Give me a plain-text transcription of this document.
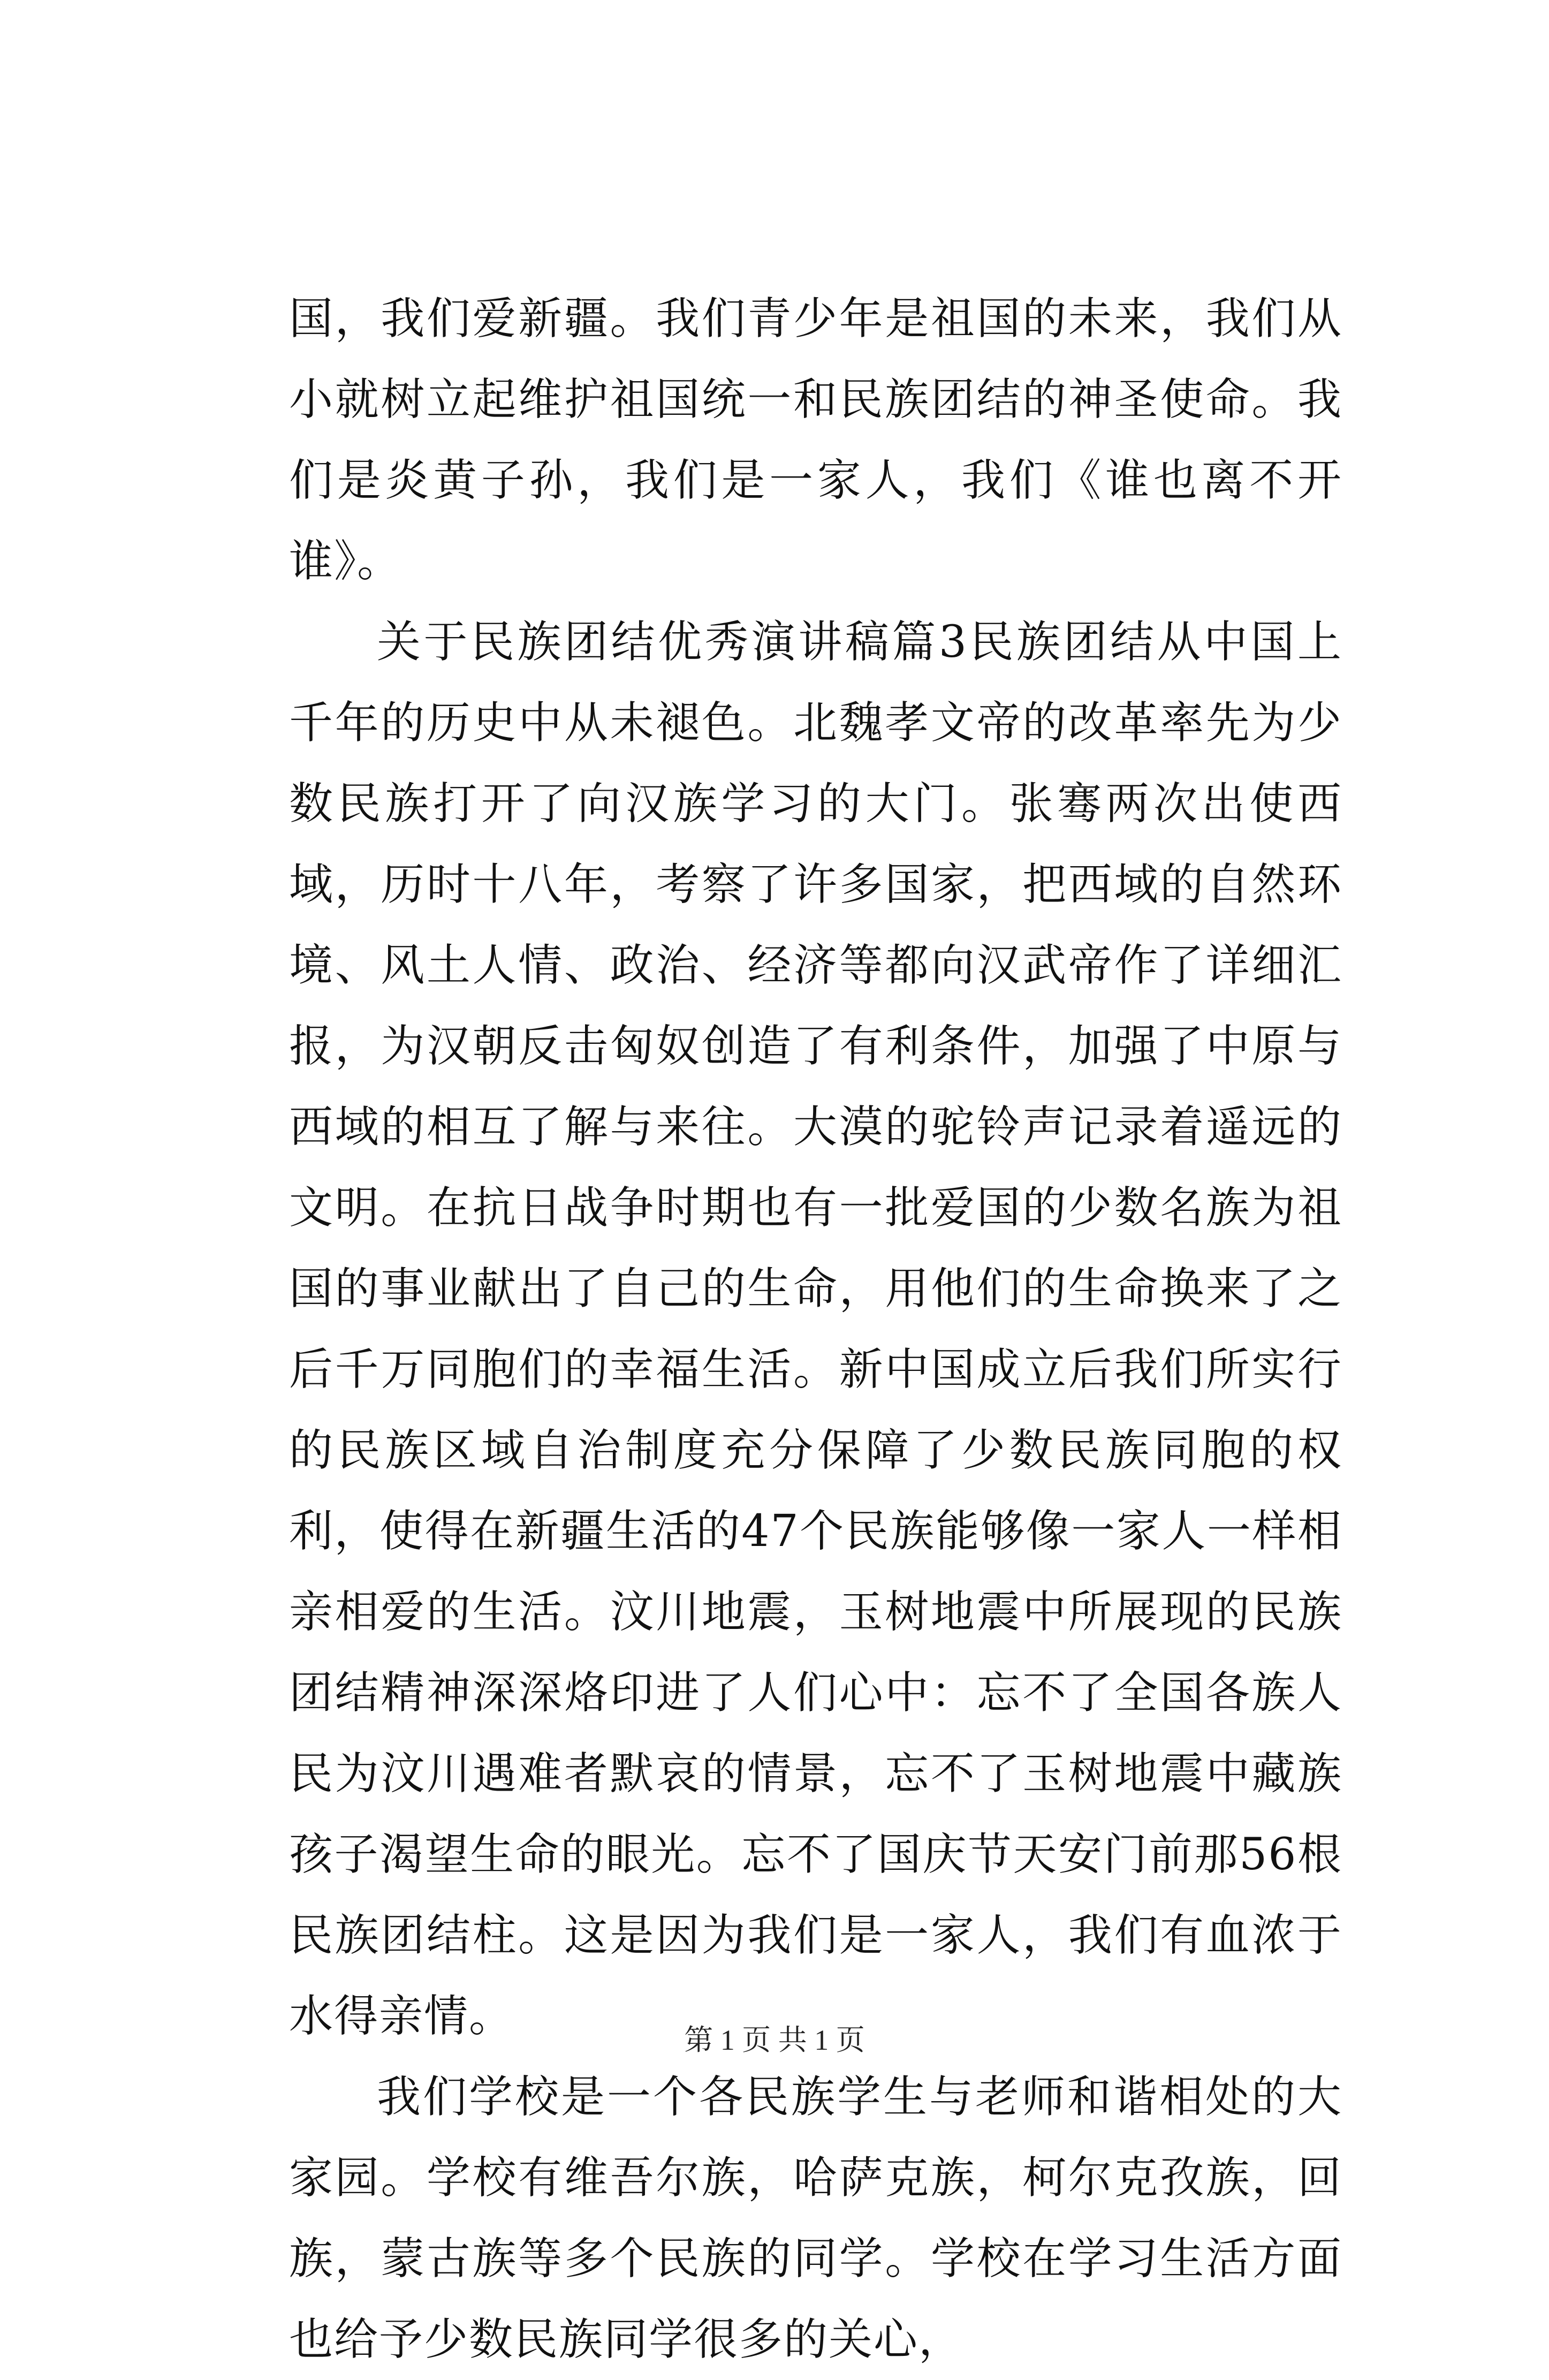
国，我们爱新疆。我们青少年是祖国的未来，我们从小就树立起维护祖国统一和民族团结的神圣使命。我们是炎黄子孙，我们是一家人，我们《谁也离不开谁》。

关于民族团结优秀演讲稿篇3民族团结从中国上千年的历史中从未褪色。北魏孝文帝的改革率先为少数民族打开了向汉族学习的大门。张骞两次出使西域，历时十八年，考察了许多国家，把西域的自然环境、风土人情、政治、经济等都向汉武帝作了详细汇报，为汉朝反击匈奴创造了有利条件，加强了中原与西域的相互了解与来往。大漠的驼铃声记录着遥远的文明。在抗日战争时期也有一批爱国的少数名族为祖国的事业献出了自己的生命，用他们的生命换来了之后千万同胞们的幸福生活。新中国成立后我们所实行的民族区域自治制度充分保障了少数民族同胞的权利，使得在新疆生活的47个民族能够像一家人一样相亲相爱的生活。汶川地震，玉树地震中所展现的民族团结精神深深烙印进了人们心中：忘不了全国各族人民为汶川遇难者默哀的情景，忘不了玉树地震中藏族孩子渴望生命的眼光。忘不了国庆节天安门前那56根民族团结柱。这是因为我们是一家人，我们有血浓于水得亲情。

我们学校是一个各民族学生与老师和谐相处的大家园。学校有维吾尔族，哈萨克族，柯尔克孜族，回族，蒙古族等多个民族的同学。学校在学习生活方面也给予少数民族同学很多的关心，

第 1 页 共 1 页
